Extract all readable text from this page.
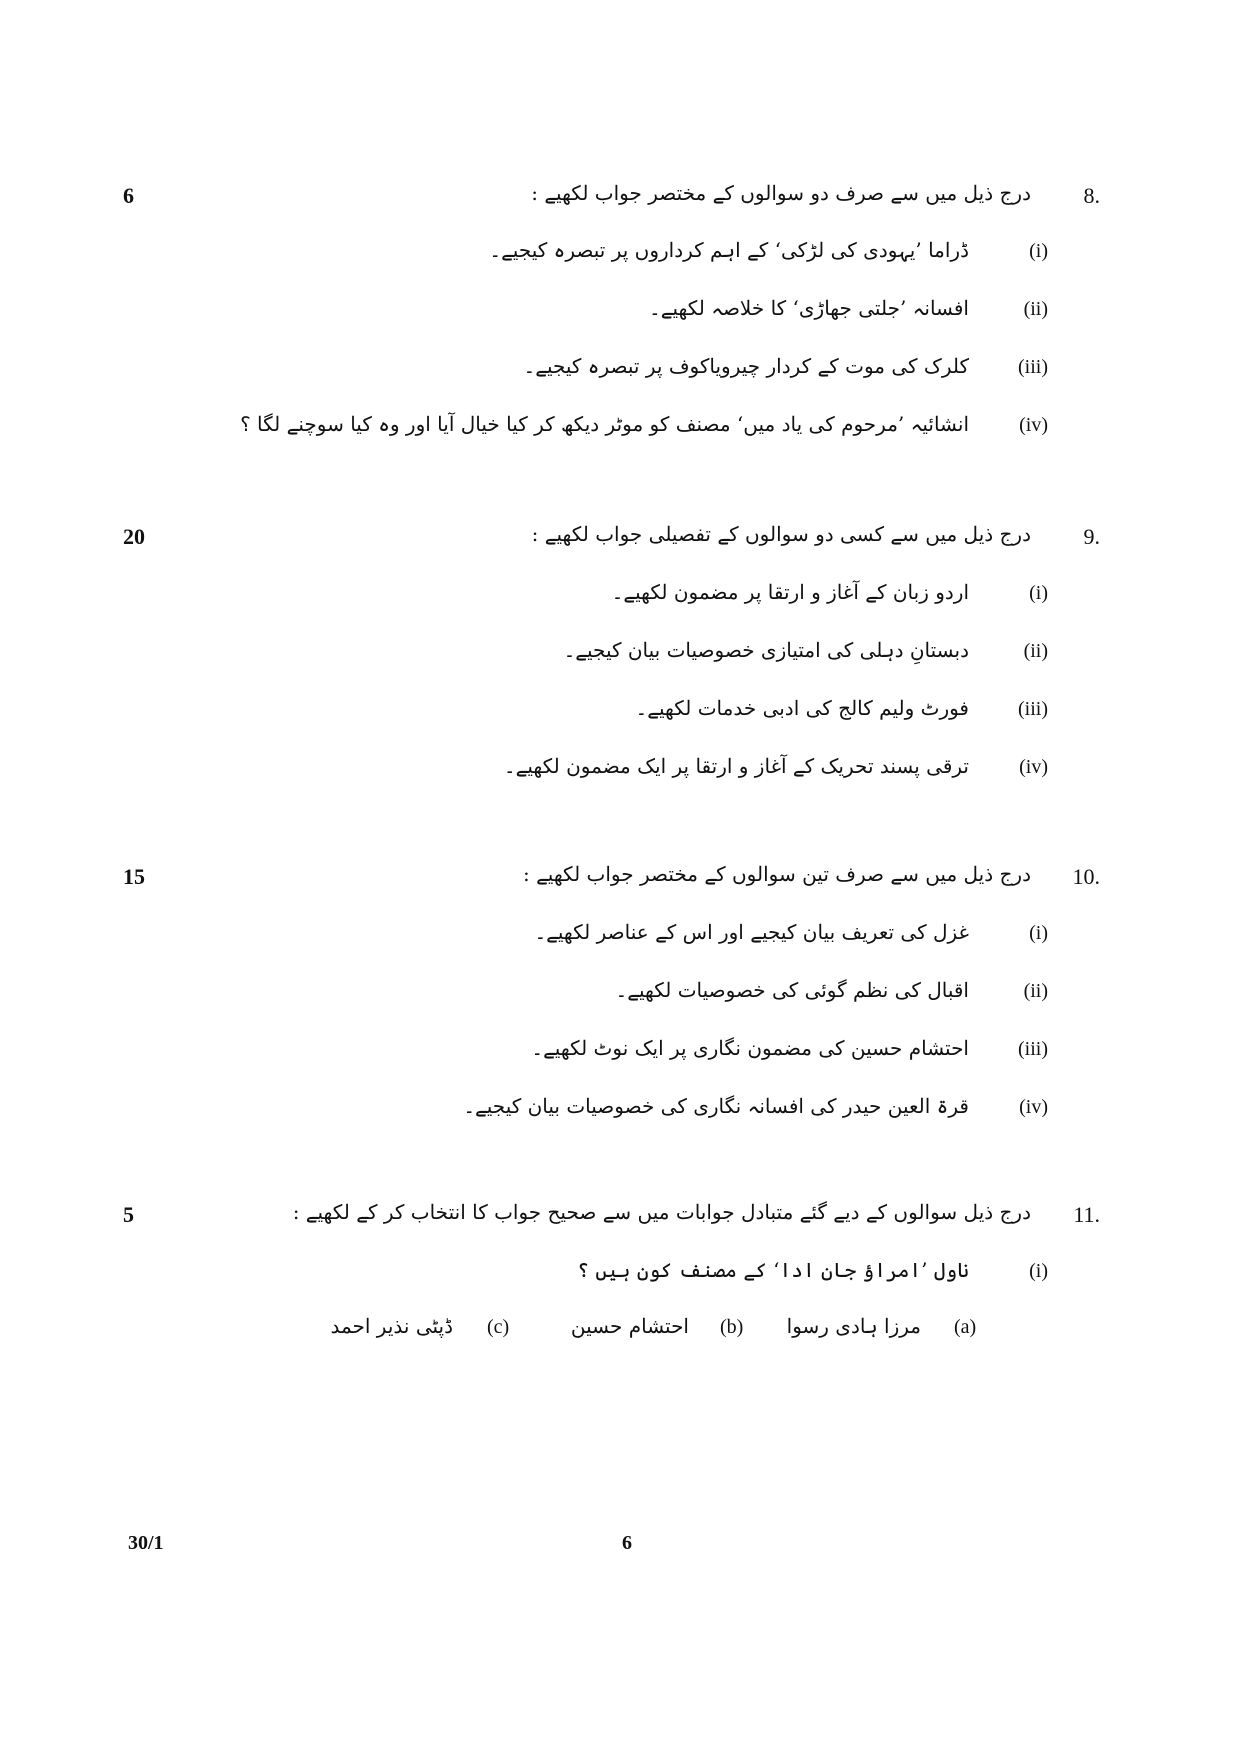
6	8.
درج ذیل میں سے صرف دو سوالوں کے مختصر جواب لکھیے :
(i)
ڈراما ’یہودی کی لڑکی‘ کے اہم کرداروں پر تبصرہ کیجیے۔
(ii)
افسانہ ’جلتی جھاڑی‘ کا خلاصہ لکھیے۔
(iii)
کلرک کی موت کے کردار چیرویاکوف پر تبصرہ کیجیے۔
(iv)
انشائیہ ’مرحوم کی یاد میں‘ مصنف کو موٹر دیکھ کر کیا خیال آیا اور وہ کیا سوچنے لگا ؟
20	9.
درج ذیل میں سے کسی دو سوالوں کے تفصیلی جواب لکھیے :
(i)
اردو زبان کے آغاز و ارتقا پر مضمون لکھیے۔
(ii)
دبستانِ دہلی کی امتیازی خصوصیات بیان کیجیے۔
(iii)
فورٹ ولیم کالج کی ادبی خدمات لکھیے۔
(iv)
ترقی پسند تحریک کے آغاز و ارتقا پر ایک مضمون لکھیے۔
15	10.
درج ذیل میں سے صرف تین سوالوں کے مختصر جواب لکھیے :
(i)
غزل کی تعریف بیان کیجیے اور اس کے عناصر لکھیے۔
(ii)
اقبال کی نظم گوئی کی خصوصیات لکھیے۔
(iii)
احتشام حسین کی مضمون نگاری پر ایک نوٹ لکھیے۔
(iv)
قرۃ العین حیدر کی افسانہ نگاری کی خصوصیات بیان کیجیے۔
5	11.
درج ذیل سوالوں کے دیے گئے متبادل جوابات میں سے صحیح جواب کا انتخاب کر کے لکھیے :
(i)
ناول ’امراؤ جان ادا‘ کے مصنف کون ہیں ؟
(a)
مرزا ہادی رسوا
(b)
احتشام حسین
(c)
ڈپٹی نذیر احمد
30/1	6
